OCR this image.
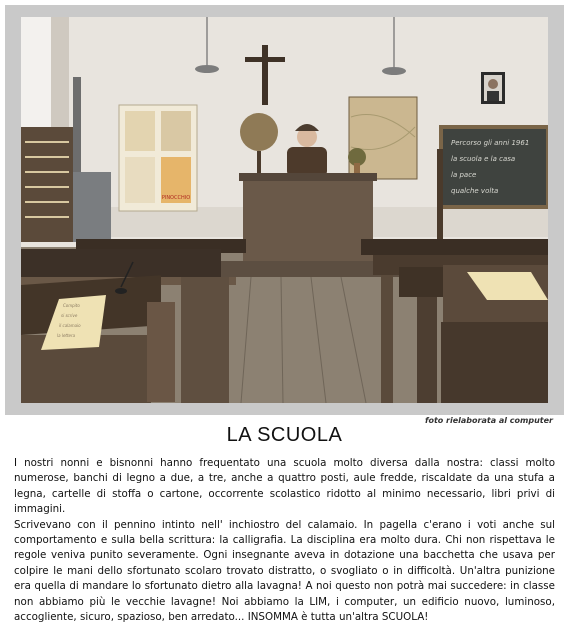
PINOCCHIO
Percorso gli anni 1961
la scuola e la casa
la pace
qualche volta
Compito
si scrive
il calamaio
la lettera
foto rielaborata al computer
LA SCUOLA

I nostri nonni e bisnonni hanno frequentato una scuola molto diversa dalla nostra: classi molto numerose, banchi di legno a due, a tre, anche a quattro posti, aule fredde, riscaldate da una stufa a legna, cartelle di stoffa o cartone, occorrente scolastico ridotto al minimo necessario, libri privi di immagini.

Scrivevano con il pennino intinto nell' inchiostro del calamaio. In pagella c'erano i voti anche sul comportamento e sulla bella scrittura: la calligrafia. La disciplina era molto dura. Chi non rispettava le regole veniva punito severamente. Ogni insegnante aveva in dotazione una bacchetta che usava per colpire le mani dello sfortunato scolaro trovato distratto, o svogliato o in difficoltà. Un'altra punizione era quella di mandare lo sfortunato dietro alla lavagna! A noi questo non potrà mai succedere: in classe non abbiamo più le vecchie lavagne! Noi abbiamo la LIM, i computer, un edificio nuovo, luminoso, accogliente, sicuro, spazioso, ben arredato... INSOMMA è tutta un'altra SCUOLA!
